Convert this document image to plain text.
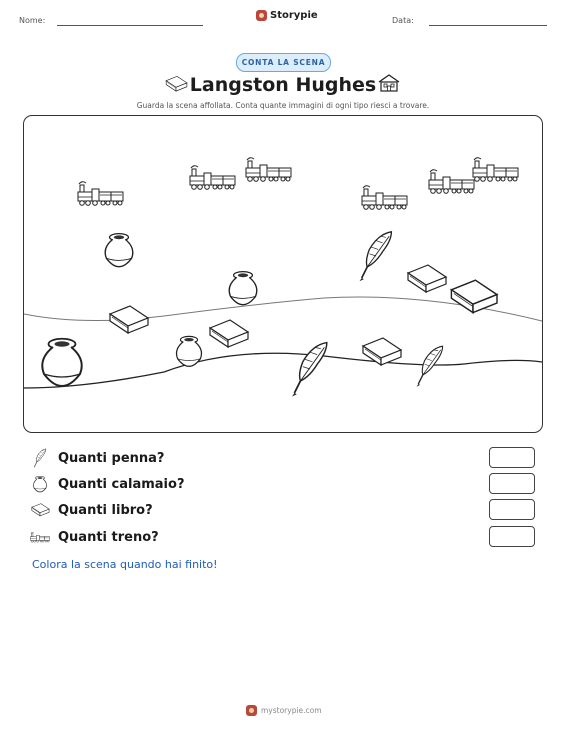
Nome:	Storypie	Data:
CONTA LA SCENA
Langston Hughes
Guarda la scena affollata. Conta quante immagini di ogni tipo riesci a trovare.
Quanti penna?
Quanti calamaio?
Quanti libro?
Quanti treno?
Colora la scena quando hai finito!
mystorypie.com
